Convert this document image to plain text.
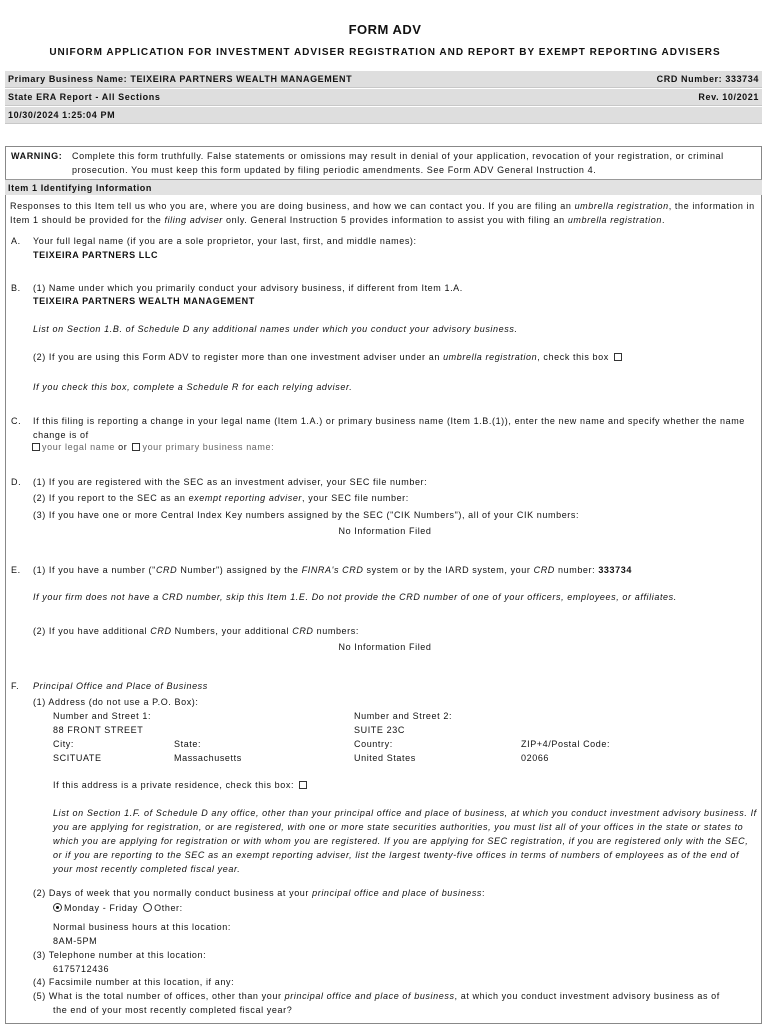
FORM ADV
UNIFORM APPLICATION FOR INVESTMENT ADVISER REGISTRATION AND REPORT BY EXEMPT REPORTING ADVISERS
Primary Business Name: TEIXEIRA PARTNERS WEALTH MANAGEMENT	CRD Number: 333734
State ERA Report - All Sections	Rev. 10/2021
10/30/2024 1:25:04 PM
WARNING: Complete this form truthfully. False statements or omissions may result in denial of your application, revocation of your registration, or criminal
prosecution. You must keep this form updated by filing periodic amendments. See Form ADV General Instruction 4.
Item 1 Identifying Information
Responses to this Item tell us who you are, where you are doing business, and how we can contact you. If you are filing an umbrella registration, the information in Item 1 should be provided for the filing adviser only. General Instruction 5 provides information to assist you with filing an umbrella registration.
A. Your full legal name (if you are a sole proprietor, your last, first, and middle names):
TEIXEIRA PARTNERS LLC
B. (1) Name under which you primarily conduct your advisory business, if different from Item 1.A.
TEIXEIRA PARTNERS WEALTH MANAGEMENT
List on Section 1.B. of Schedule D any additional names under which you conduct your advisory business.
(2) If you are using this Form ADV to register more than one investment adviser under an umbrella registration, check this box
If you check this box, complete a Schedule R for each relying adviser.
C. If this filing is reporting a change in your legal name (Item 1.A.) or primary business name (Item 1.B.(1)), enter the new name and specify whether the name change is of
your legal name or your primary business name:
D. (1) If you are registered with the SEC as an investment adviser, your SEC file number:
(2) If you report to the SEC as an exempt reporting adviser, your SEC file number:
(3) If you have one or more Central Index Key numbers assigned by the SEC ("CIK Numbers"), all of your CIK numbers:
No Information Filed
E. (1) If you have a number ("CRD Number") assigned by the FINRA's CRD system or by the IARD system, your CRD number: 333734
If your firm does not have a CRD number, skip this Item 1.E. Do not provide the CRD number of one of your officers, employees, or affiliates.
(2) If you have additional CRD Numbers, your additional CRD numbers:
No Information Filed
F. Principal Office and Place of Business
(1) Address (do not use a P.O. Box):
Number and Street 1:
88 FRONT STREET
Number and Street 2:
SUITE 23C
City:
SCITUATE
State:
Massachusetts
Country:
United States
ZIP+4/Postal Code:
02066
If this address is a private residence, check this box:
List on Section 1.F. of Schedule D any office, other than your principal office and place of business, at which you conduct investment advisory business. If you are applying for registration, or are registered, with one or more state securities authorities, you must list all of your offices in the state or states to which you are applying for registration or with whom you are registered. If you are applying for SEC registration, if you are registered only with the SEC, or if you are reporting to the SEC as an exempt reporting adviser, list the largest twenty-five offices in terms of numbers of employees as of the end of your most recently completed fiscal year.
(2) Days of week that you normally conduct business at your principal office and place of business:
Monday - Friday Other:
Normal business hours at this location:
8AM-5PM
(3) Telephone number at this location:
6175712436
(4) Facsimile number at this location, if any:
(5) What is the total number of offices, other than your principal office and place of business, at which you conduct investment advisory business as of
the end of your most recently completed fiscal year?
